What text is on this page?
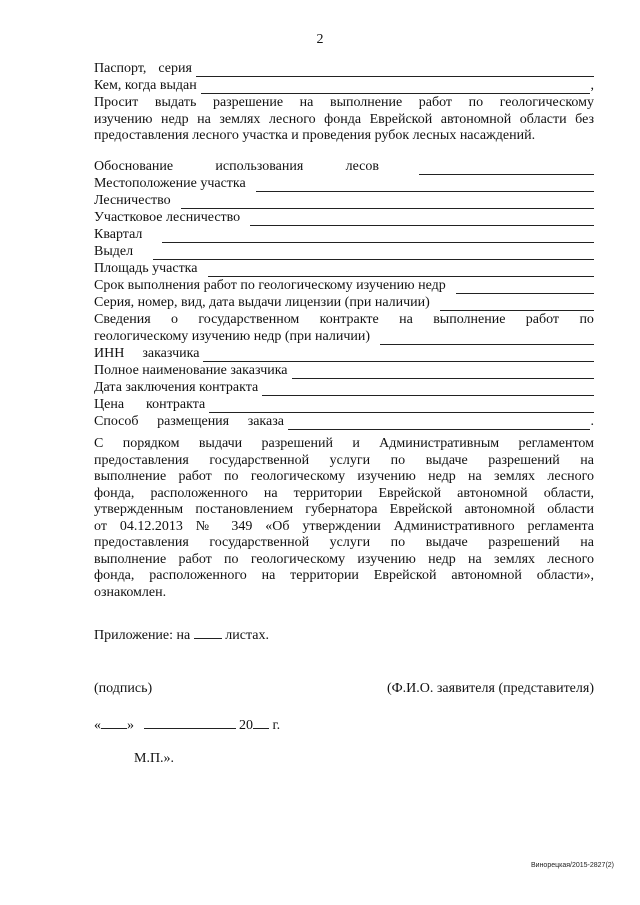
2
Паспорт, серия
Кем, когда выдан	,
Просит выдать разрешение на выполнение работ по геологическому
изучению недр на землях лесного фонда Еврейской автономной области без
предоставления лесного участка и проведения рубок лесных насаждений.
Обоснование	использования	лесов
Местоположение участка
Лесничество
Участковое лесничество
Квартал
Выдел
Площадь участка
Срок выполнения работ по геологическому изучению недр
Серия, номер, вид, дата выдачи лицензии (при наличии)
Сведения о государственном контракте на выполнение работ по
геологическому изучению недр (при наличии)
ИНН заказчика
Полное наименование заказчика
Дата заключения контракта
Цена контракта
Способ размещения заказа	.
С порядком выдачи разрешений и Административным регламентом
предоставления государственной услуги по выдаче разрешений на
выполнение работ по геологическому изучению недр на землях лесного
фонда, расположенного на территории Еврейской автономной области,
утвержденным постановлением губернатора Еврейской автономной области
от 04.12.2013 № 349 «Об утверждении Административного регламента
предоставления государственной услуги по выдаче разрешений на
выполнение работ по геологическому изучению недр на землях лесного
фонда, расположенного на территории Еврейской автономной области»,
ознакомлен.
Приложение: на	листах.
(подпись)	(Ф.И.О. заявителя (представителя)
« »	20 г.
М.П.».
Винорецкая/2015-2827(2)
